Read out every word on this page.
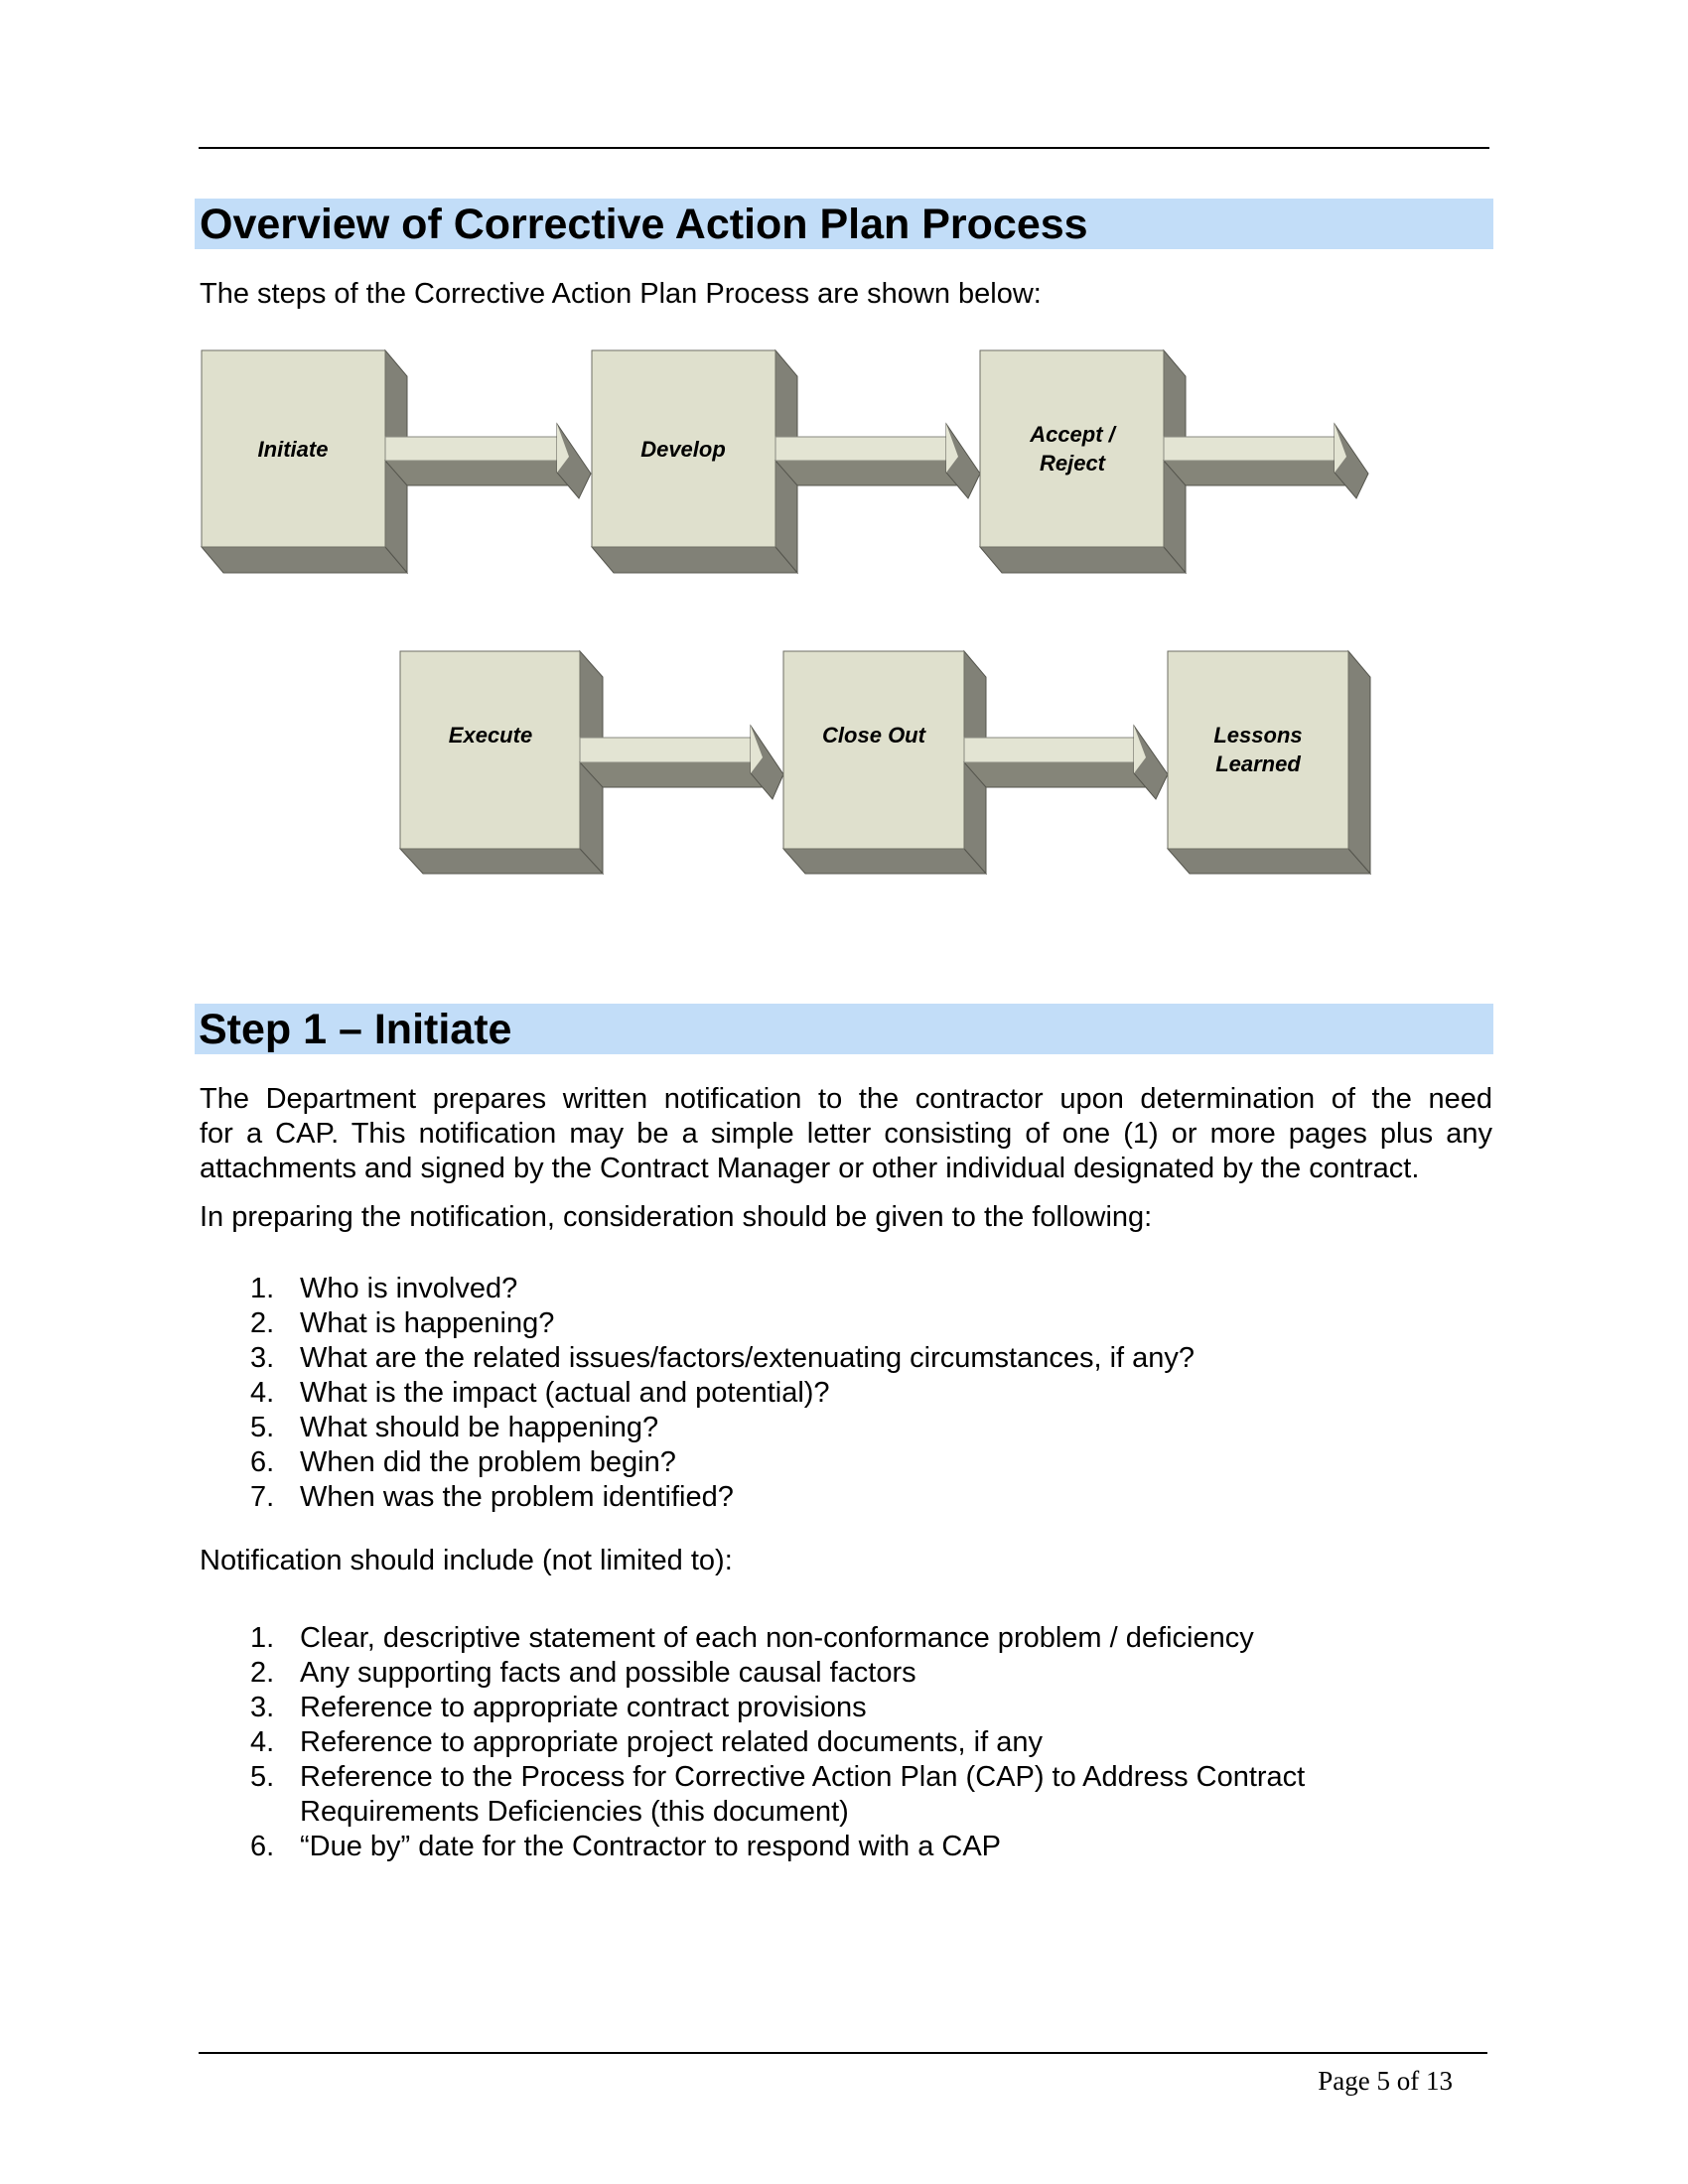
Overview of Corrective Action Plan Process
The steps of the Corrective Action Plan Process are shown below:
Initiate	Develop
Accept /
Reject
Execute	Close Out	Lessons
Learned
Step 1 – Initiate
The Department prepares written notification to the contractor upon determination of the need
for a CAP. This notification may be a simple letter consisting of one (1) or more pages plus any
attachments and signed by the Contract Manager or other individual designated by the contract.
In preparing the notification, consideration should be given to the following:
1. Who is involved?
2. What is happening?
3. What are the related issues/factors/extenuating circumstances, if any?
4. What is the impact (actual and potential)?
5. What should be happening?
6. When did the problem begin?
7. When was the problem identified?
Notification should include (not limited to):
1. Clear, descriptive statement of each non-conformance problem / deficiency
2. Any supporting facts and possible causal factors
3. Reference to appropriate contract provisions
4. Reference to appropriate project related documents, if any
5. Reference to the Process for Corrective Action Plan (CAP) to Address Contract Requirements Deficiencies (this document)
6. “Due by” date for the Contractor to respond with a CAP
Page 5 of 13
